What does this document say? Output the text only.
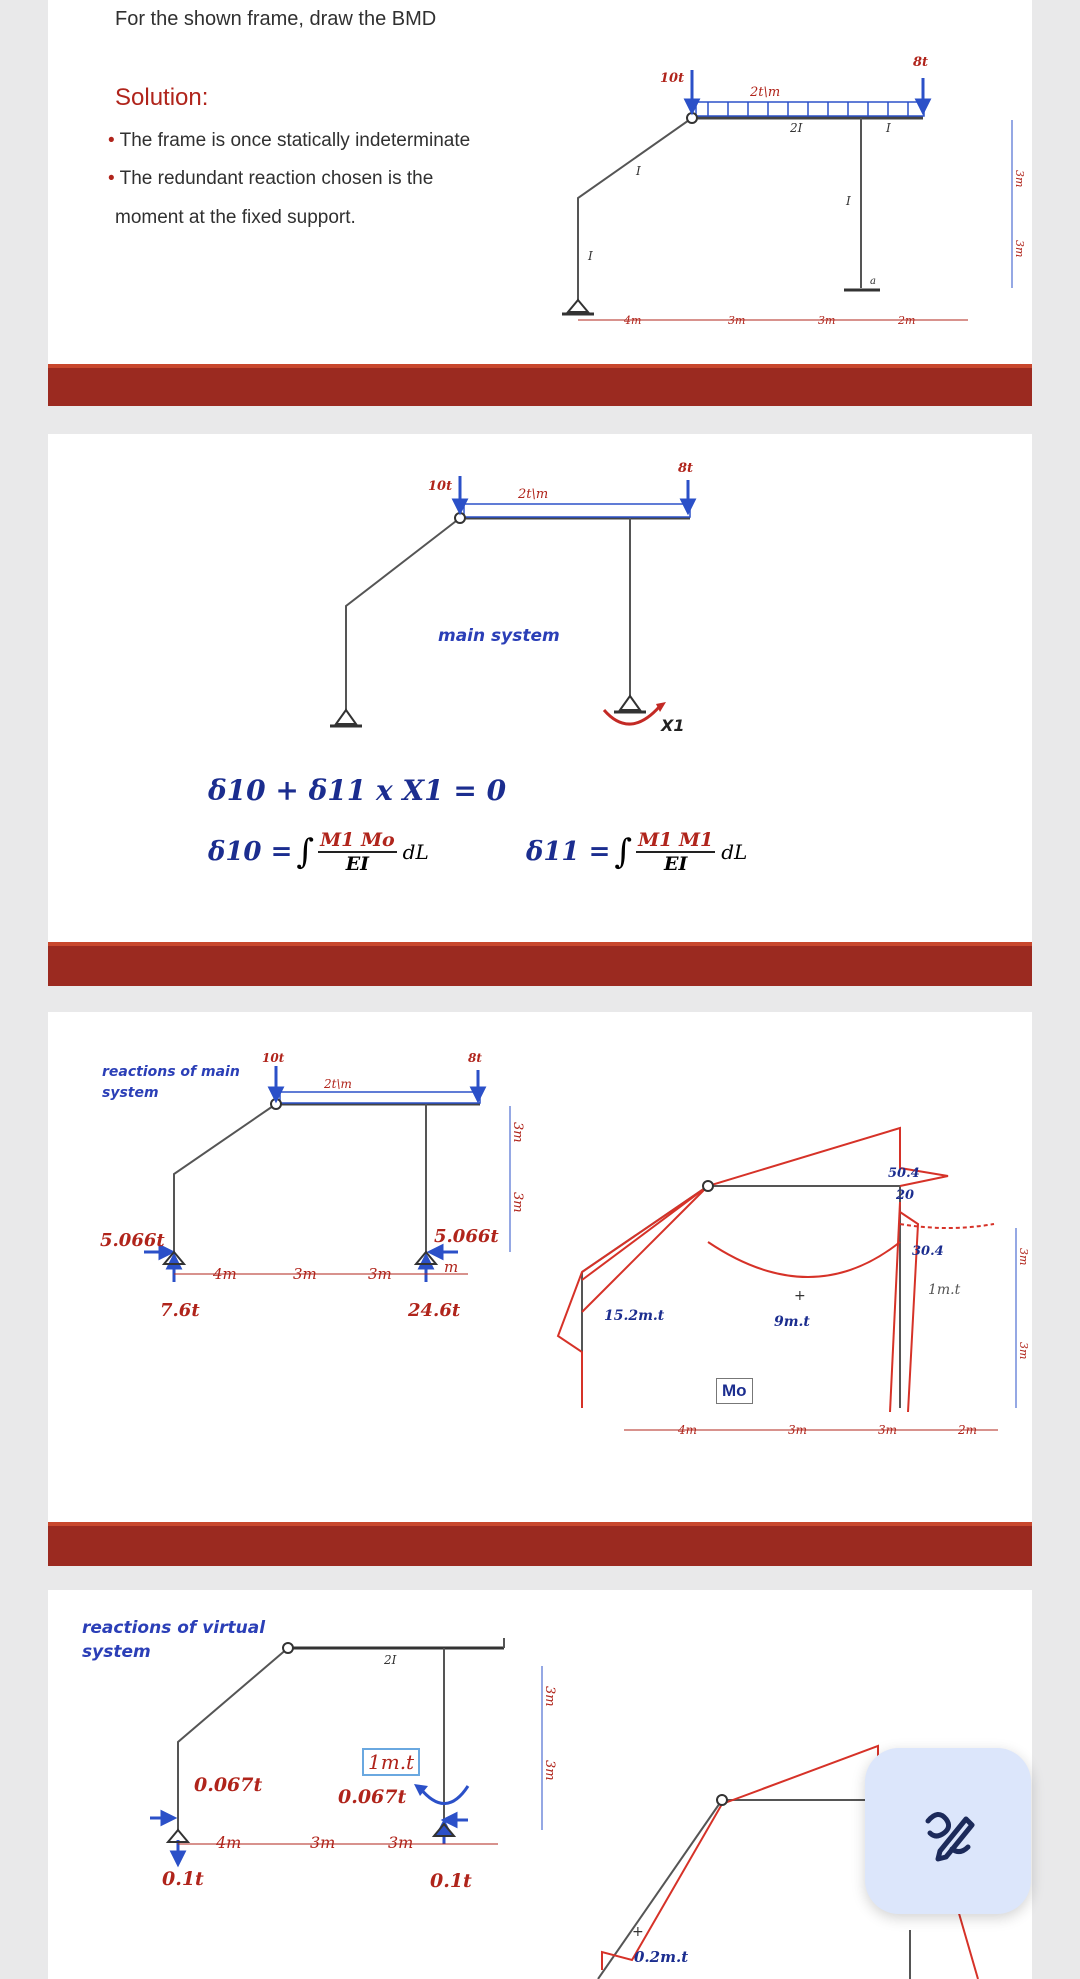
For the shown frame, draw the BMD
Solution:
• The frame is once statically indeterminate
• The redundant reaction chosen is the
moment at the fixed support.
10t
8t
2t\m
2I	I
I
I
I
a
4m	3m	3m	2m
3m
3m
10t
8t
2t\m
main system
X1
δ10 + δ11 x X1 = 0
δ10 = ∫ $\frac{M1 Mo}{EI}$ dL	δ11 = ∫ $\frac{M1 M1}{EI}$ dL
reactions of main
system
10t	8t
2t\m
4m	3m	3m	m
3m
3m
4m	3m	3m	2m
3m
3m
5.066t
7.6t
5.066t
24.6t
50.4
20
30.4
1m.t
15.2m.t	9m.t
+
Mo
reactions of virtual
system	2I
4m	3m	3m
3m
3m
0.067t
0.1t
0.067t
0.1t
1m.t
+
0.2m.t
